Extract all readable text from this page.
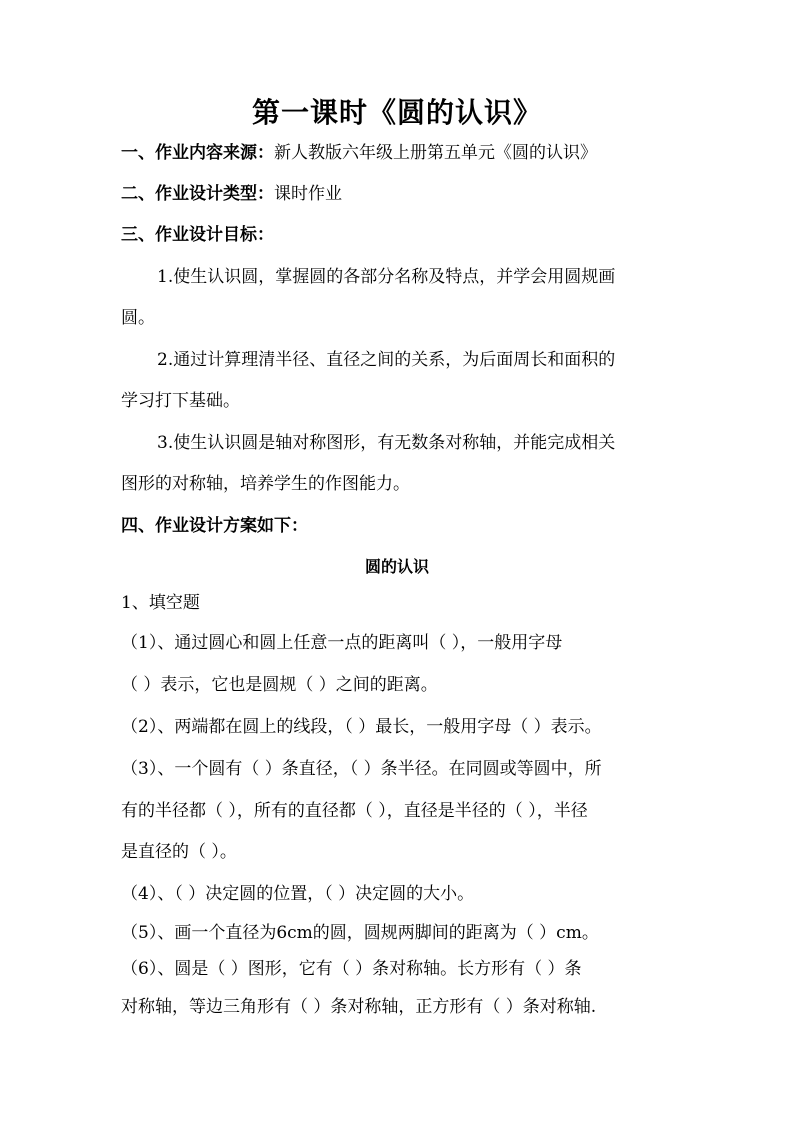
第一课时《圆的认识》
一、作业内容来源：新人教版六年级上册第五单元《圆的认识》
二、作业设计类型：课时作业
三、作业设计目标：
1.使生认识圆，掌握圆的各部分名称及特点，并学会用圆规画
圆。
2.通过计算理清半径、直径之间的关系，为后面周长和面积的
学习打下基础。
3.使生认识圆是轴对称图形，有无数条对称轴，并能完成相关
图形的对称轴，培养学生的作图能力。
四、作业设计方案如下：
圆的认识
1、填空题
（1）、通过圆心和圆上任意一点的距离叫（ ），一般用字母
（ ）表示，它也是圆规（ ）之间的距离。
（2）、两端都在圆上的线段，（ ）最长，一般用字母（ ）表示。
（3）、一个圆有（ ）条直径，（ ）条半径。在同圆或等圆中，所
有的半径都（ ），所有的直径都（ ），直径是半径的（ ），半径
是直径的（ ）。
（4）、（ ）决定圆的位置，（ ）决定圆的大小。
（5）、画一个直径为6cm的圆，圆规两脚间的距离为（ ）cm。
（6）、圆是（ ）图形，它有（ ）条对称轴。长方形有（ ）条
对称轴，等边三角形有（ ）条对称轴，正方形有（ ）条对称轴.
